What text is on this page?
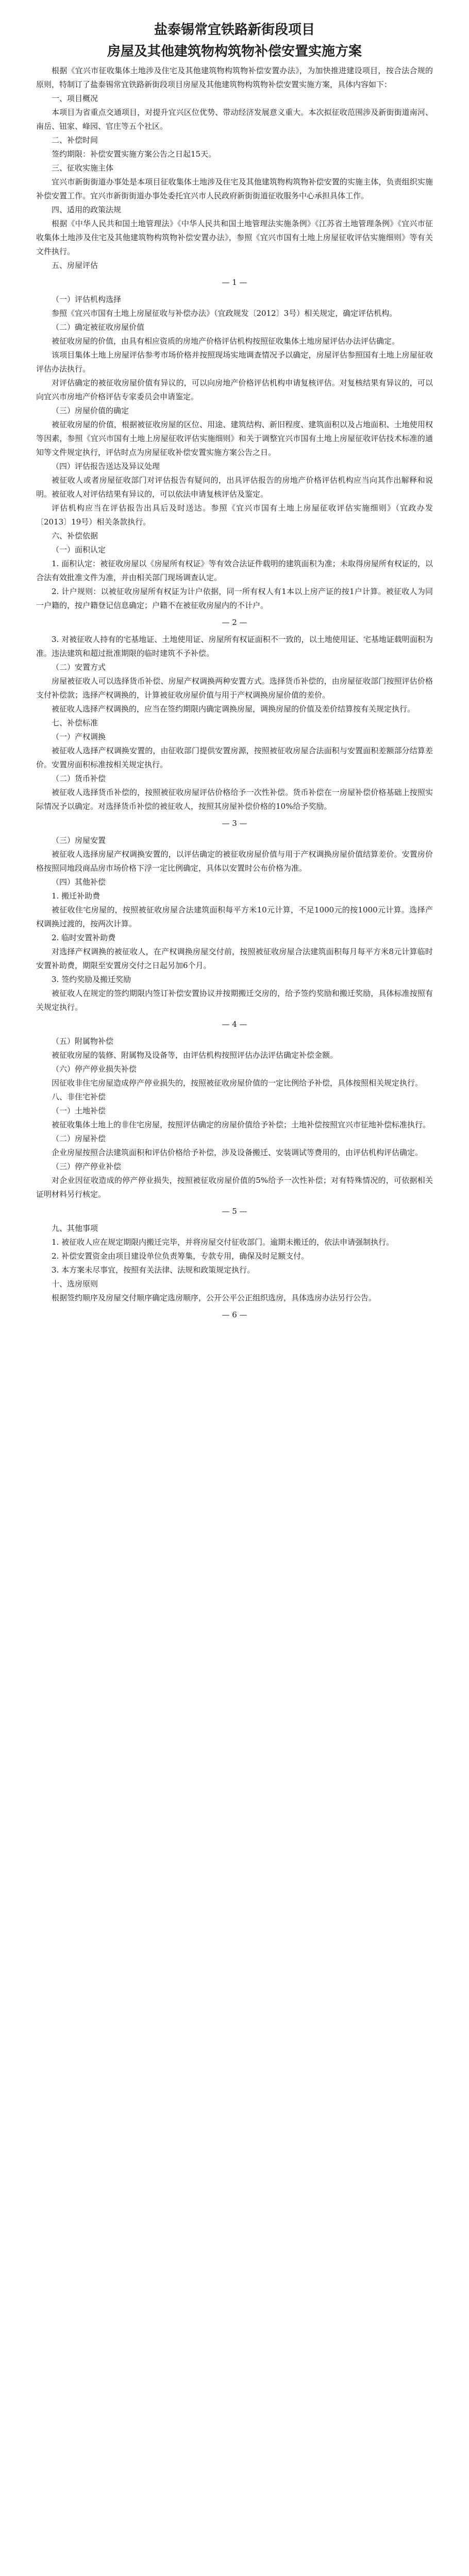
盐泰锡常宜铁路新街段项目
房屋及其他建筑物构筑物补偿安置实施方案
根据《宜兴市征收集体土地涉及住宅及其他建筑物构筑物补偿安置办法》，为加快推进建设项目，按合法合规的原则，特制订了盐泰锡常宜铁路新街段项目房屋及其他建筑物构筑物补偿安置实施方案，具体内容如下：
一、项目概况
本项目为省重点交通项目，对提升宜兴区位优势、带动经济发展意义重大。本次拟征收范围涉及新街街道南河、南岳、钮家、峰园、官庄等五个社区。
二、补偿时间
签约期限：补偿安置实施方案公告之日起15天。
三、征收实施主体
宜兴市新街街道办事处是本项目征收集体土地涉及住宅及其他建筑物构筑物补偿安置的实施主体，负责组织实施补偿安置工作。宜兴市新街街道办事处委托宜兴市人民政府新街街道征收服务中心承担具体工作。
四、适用的政策法规
根据《中华人民共和国土地管理法》《中华人民共和国土地管理法实施条例》《江苏省土地管理条例》《宜兴市征收集体土地涉及住宅及其他建筑物构筑物补偿安置办法》，参照《宜兴市国有土地上房屋征收评估实施细则》等有关文件执行。
五、房屋评估
— 1 —
（一）评估机构选择
参照《宜兴市国有土地上房屋征收与补偿办法》（宜政规发〔2012〕3号）相关规定，确定评估机构。
（二）确定被征收房屋价值
被征收房屋的价值，由具有相应资质的房地产价格评估机构按照征收集体土地房屋评估办法评估确定。
该项目集体土地上房屋评估参考市场价格并按照现场实地调查情况予以确定，房屋评估参照国有土地上房屋征收评估办法执行。
对评估确定的被征收房屋价值有异议的，可以向房地产价格评估机构申请复核评估。对复核结果有异议的，可以向宜兴市房地产价格评估专家委员会申请鉴定。
（三）房屋价值的确定
被征收房屋的价值，根据被征收房屋的区位、用途、建筑结构、新旧程度、建筑面积以及占地面积、土地使用权等因素，参照《宜兴市国有土地上房屋征收评估实施细则》和关于调整宜兴市国有土地上房屋征收评估技术标准的通知等文件规定执行，评估时点为房屋征收补偿安置实施方案公告之日。
（四）评估报告送达及异议处理
被征收人或者房屋征收部门对评估报告有疑问的，出具评估报告的房地产价格评估机构应当向其作出解释和说明。被征收人对评估结果有异议的，可以依法申请复核评估及鉴定。
评估机构应当在评估报告出具后及时送达。参照《宜兴市国有土地上房屋征收评估实施细则》（宜政办发〔2013〕19号）相关条款执行。
六、补偿依据
（一）面积认定
1. 面积认定：被征收房屋以《房屋所有权证》等有效合法证件载明的建筑面积为准；未取得房屋所有权证的，以合法有效批准文件为准，并由相关部门现场调查认定。
2. 计户规则：以被征收房屋所有权证为计户依据，同一所有权人有1本以上房产证的按1户计算。被征收人为同一户籍的，按户籍登记信息确定；户籍不在被征收房屋内的不计户。
— 2 —
3. 对被征收人持有的宅基地证、土地使用证、房屋所有权证面积不一致的，以土地使用证、宅基地证载明面积为准。违法建筑和超过批准期限的临时建筑不予补偿。
（二）安置方式
房屋被征收人可以选择货币补偿、房屋产权调换两种安置方式。选择货币补偿的，由房屋征收部门按照评估价格支付补偿款；选择产权调换的，计算被征收房屋价值与用于产权调换房屋价值的差价。
被征收人选择产权调换的，应当在签约期限内确定调换房屋，调换房屋的价值及差价结算按有关规定执行。
七、补偿标准
（一）产权调换
被征收人选择产权调换安置的，由征收部门提供安置房源，按照被征收房屋合法面积与安置面积差额部分结算差价。安置房面积标准按相关规定执行。
（二）货币补偿
被征收人选择货币补偿的，按照被征收房屋评估价格给予一次性补偿。货币补偿在一房屋补偿价格基础上按照实际情况予以确定。对选择货币补偿的被征收人，按照其房屋补偿价格的10%给予奖励。
— 3 —
（三）房屋安置
被征收人选择房屋产权调换安置的，以评估确定的被征收房屋价值与用于产权调换房屋价值结算差价。安置房价格按照同地段商品房市场价格下浮一定比例确定，具体以安置时公布价格为准。
（四）其他补偿
1. 搬迁补助费
被征收住宅房屋的，按照被征收房屋合法建筑面积每平方米10元计算，不足1000元的按1000元计算。选择产权调换过渡的，按两次计算。
2. 临时安置补助费
对选择产权调换的被征收人，在产权调换房屋交付前，按照被征收房屋合法建筑面积每月每平方米8元计算临时安置补助费，期限至安置房交付之日起另加6个月。
3. 签约奖励及搬迁奖励
被征收人在规定的签约期限内签订补偿安置协议并按期搬迁交房的，给予签约奖励和搬迁奖励，具体标准按照有关规定执行。
— 4 —
（五）附属物补偿
被征收房屋的装修、附属物及设备等，由评估机构按照评估办法评估确定补偿金额。
（六）停产停业损失补偿
因征收非住宅房屋造成停产停业损失的，按照被征收房屋价值的一定比例给予补偿，具体按照相关规定执行。
八、非住宅补偿
（一）土地补偿
被征收集体土地上的非住宅房屋，按照评估确定的房屋价值给予补偿；土地补偿按照宜兴市征地补偿标准执行。
（二）房屋补偿
企业房屋按照合法建筑面积和评估价格给予补偿，涉及设备搬迁、安装调试等费用的，由评估机构评估确定。
（三）停产停业补偿
对企业因征收造成的停产停业损失，按照被征收房屋价值的5%给予一次性补偿；对有特殊情况的，可依据相关证明材料另行核定。
— 5 —
九、其他事项
1. 被征收人应在规定期限内搬迁完毕，并将房屋交付征收部门。逾期未搬迁的，依法申请强制执行。
2. 补偿安置资金由项目建设单位负责筹集，专款专用，确保及时足额支付。
3. 本方案未尽事宜，按照有关法律、法规和政策规定执行。
十、选房原则
根据签约顺序及房屋交付顺序确定选房顺序，公开公平公正组织选房，具体选房办法另行公告。
— 6 —
